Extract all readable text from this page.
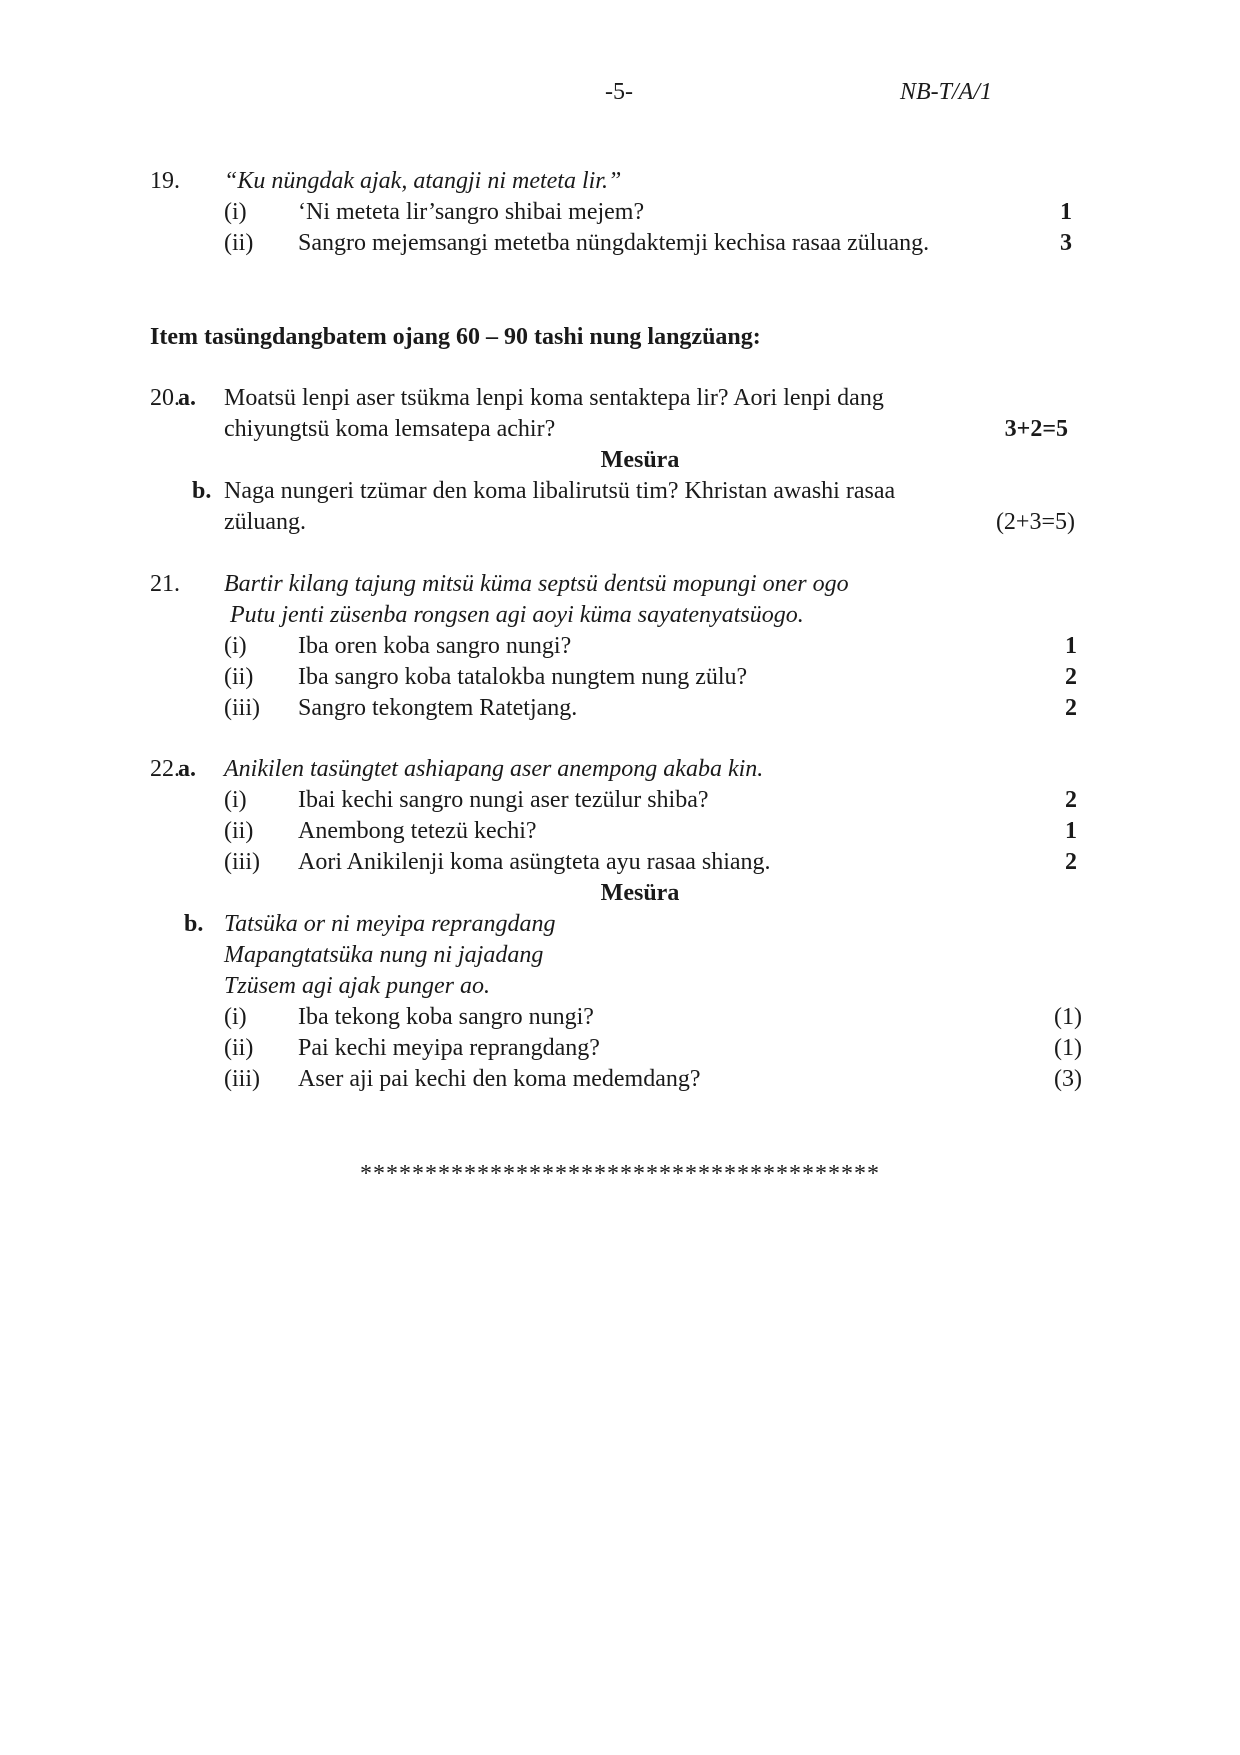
-5-	NB-T/A/1
19. “Ku nüngdak ajak, atangji ni meteta lir.”
(i) ‘Ni meteta lir’sangro shibai mejem?	1
(ii) Sangro mejemsangi metetba nüngdaktemji kechisa rasaa züluang.	3
Item tasüngdangbatem ojang 60 – 90 tashi nung langzüang:
20.
a. Moatsü lenpi aser tsükma lenpi koma sentaktepa lir? Aori lenpi dang
chiyungtsü koma lemsatepa achir?	3+2=5
Mesüra
b. Naga nungeri tzümar den koma libalirutsü tim? Khristan awashi rasaa
züluang.	(2+3=5)
21. Bartir kilang tajung mitsü küma septsü dentsü mopungi oner ogo
Putu jenti züsenba rongsen agi aoyi küma sayatenyatsüogo.
(i) Iba oren koba sangro nungi?	1
(ii) Iba sangro koba tatalokba nungtem nung zülu?	2
(iii) Sangro tekongtem Ratetjang.	2
22.
a. Anikilen tasüngtet ashiapang aser anempong akaba kin.
(i) Ibai kechi sangro nungi aser tezülur shiba?	2
(ii) Anembong tetezü kechi?	1
(iii) Aori Anikilenji koma asüngteta ayu rasaa shiang.	2
Mesüra
b. Tatsüka or ni meyipa reprangdang
Mapangtatsüka nung ni jajadang
Tzüsem agi ajak punger ao.
(i) Iba tekong koba sangro nungi?	(1)
(ii) Pai kechi meyipa reprangdang?	(1)
(iii) Aser aji pai kechi den koma medemdang?	(3)
****************************************
